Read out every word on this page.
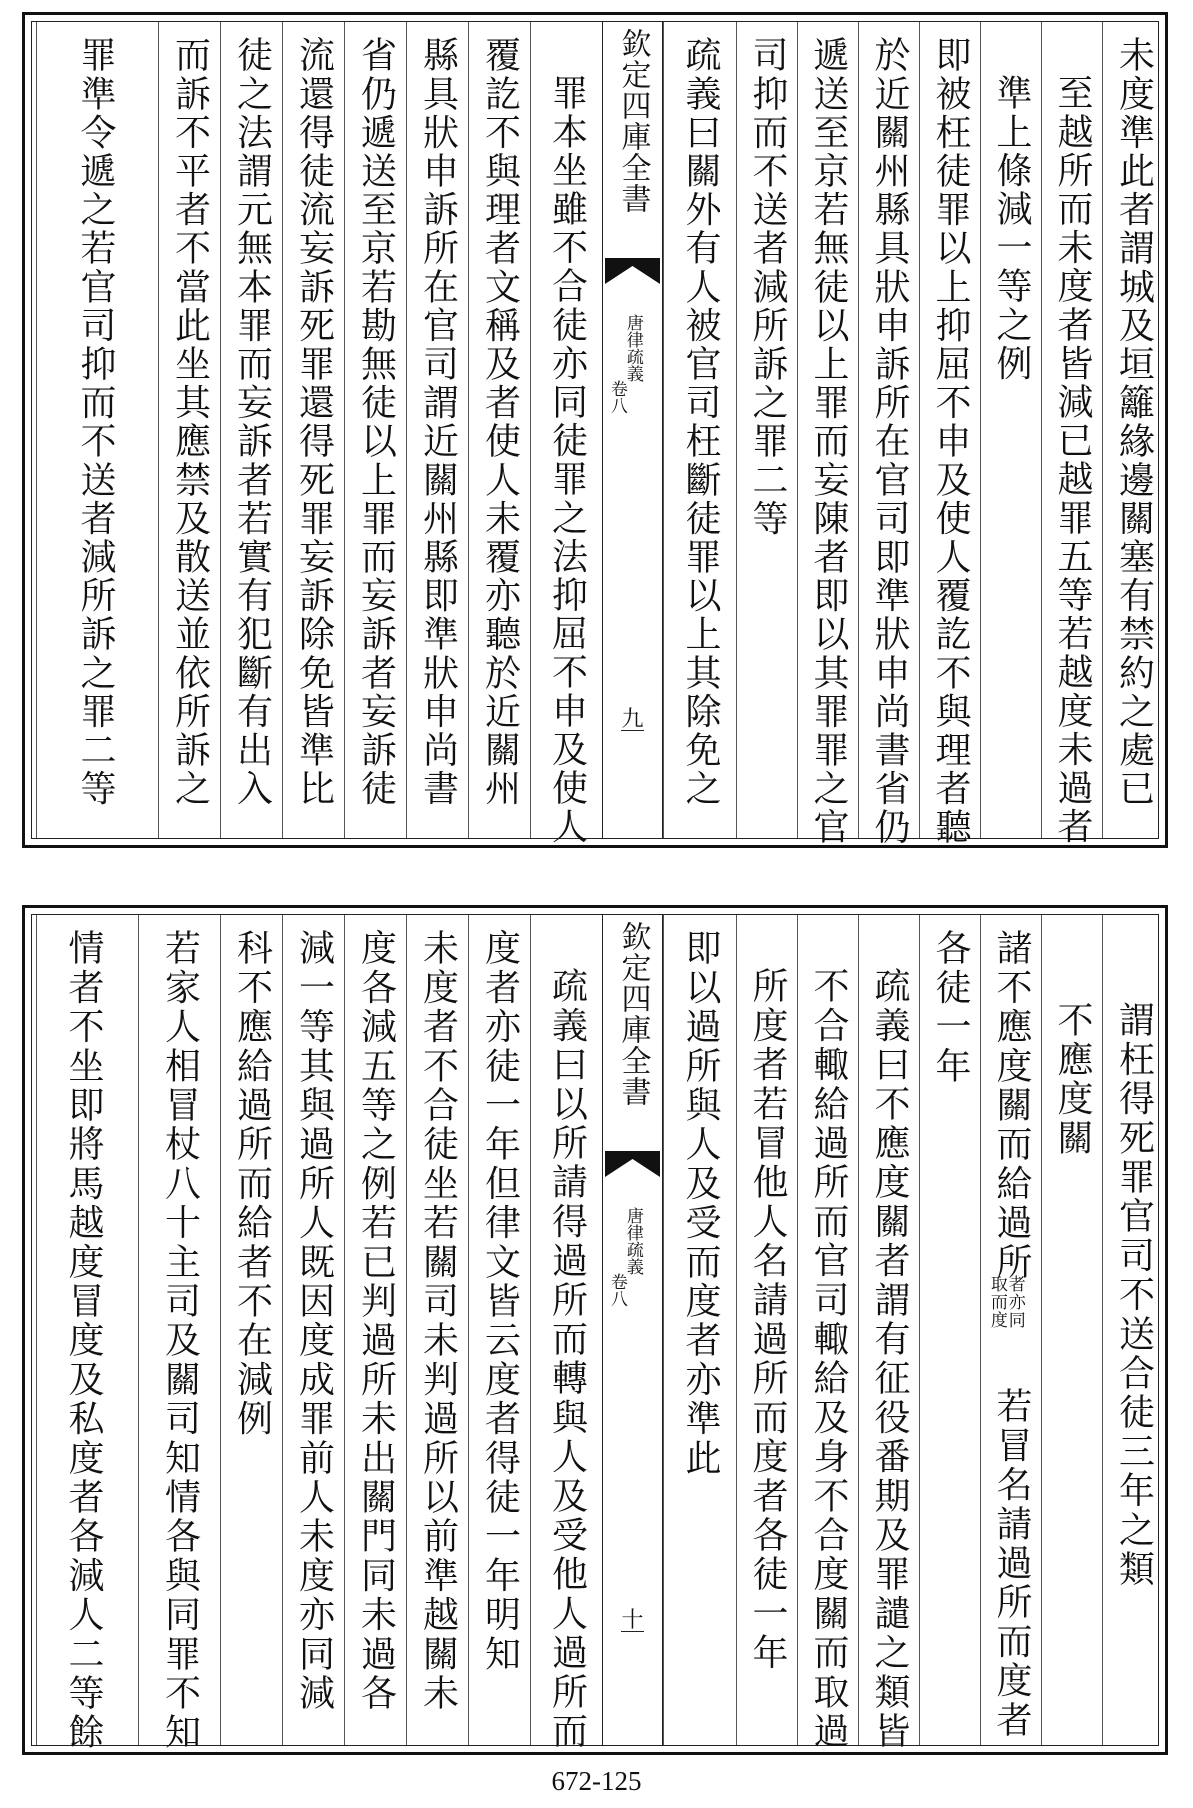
未度準此者謂城及垣籬緣邊關塞有禁約之處已
至越所而未度者皆減已越罪五等若越度未過者
準上條減一等之例
即被枉徒罪以上抑屈不申及使人覆訖不與理者聽
於近關州縣具狀申訴所在官司即準狀申尚書省仍
遞送至京若無徒以上罪而妄陳者即以其罪罪之官
司抑而不送者減所訴之罪二等
疏義曰關外有人被官司枉斷徒罪以上其除免之
欽定四庫全書
唐律疏義
卷八
九
罪本坐雖不合徒亦同徒罪之法抑屈不申及使人
覆訖不與理者文稱及者使人未覆亦聽於近關州
縣具狀申訴所在官司謂近關州縣即準狀申尚書
省仍遞送至京若勘無徒以上罪而妄訴者妄訴徒
流還得徒流妄訴死罪還得死罪妄訴除免皆準比
徒之法謂元無本罪而妄訴者若實有犯斷有出入
而訴不平者不當此坐其應禁及散送並依所訴之
罪準令遞之若官司抑而不送者減所訴之罪二等
謂枉得死罪官司不送合徒三年之類
不應度關
諸不應度關而給過所
取而度者亦同
若冒名請過所而度者
各徒一年
疏義曰不應度關者謂有征役番期及罪譴之類皆
不合輙給過所而官司輙給及身不合度關而取過
所度者若冒他人名請過所而度者各徒一年
即以過所與人及受而度者亦準此
欽定四庫全書
唐律疏義
卷八
十
疏義曰以所請得過所而轉與人及受他人過所而
度者亦徒一年但律文皆云度者得徒一年明知
未度者不合徒坐若關司未判過所以前準越關未
度各減五等之例若已判過所未出關門同未過各
減一等其與過所人既因度成罪前人未度亦同減
科不應給過所而給者不在減例
若家人相冒杖八十主司及關司知情各與同罪不知
情者不坐即將馬越度冒度及私度者各減人二等餘
672-125
